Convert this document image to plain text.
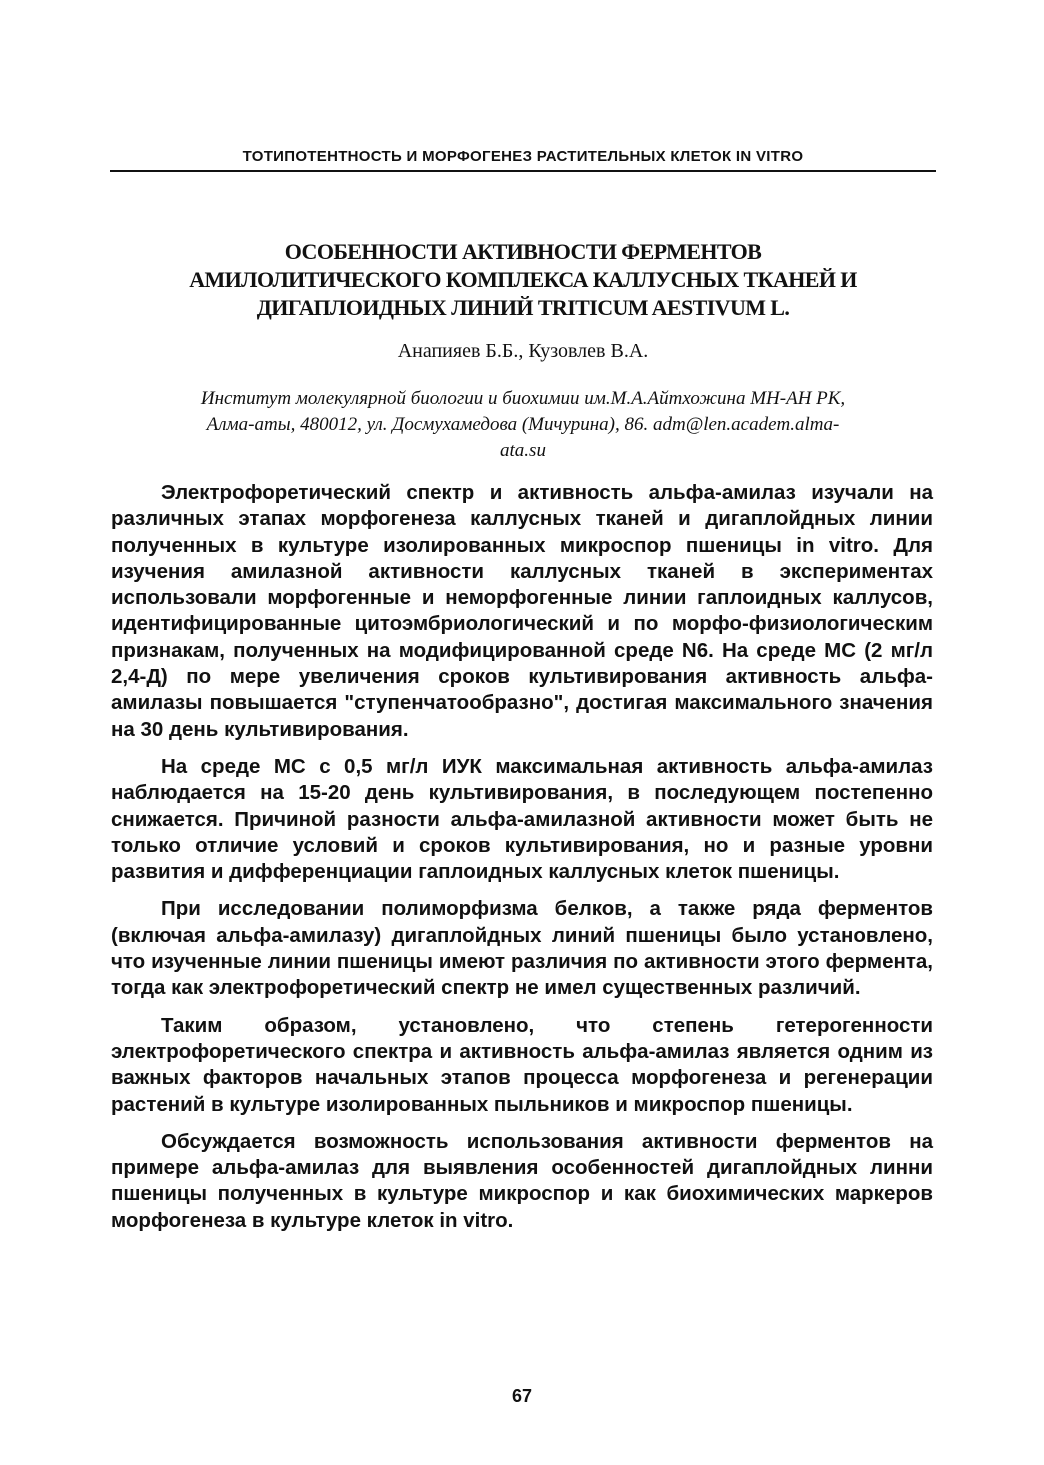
ТОТИПОТЕНТНОСТЬ И МОРФОГЕНЕЗ РАСТИТЕЛЬНЫХ КЛЕТОК IN VITRO
ОСОБЕННОСТИ АКТИВНОСТИ ФЕРМЕНТОВ
АМИЛОЛИТИЧЕСКОГО КОМПЛЕКСА КАЛЛУСНЫХ ТКАНЕЙ И
ДИГАПЛОИДНЫХ ЛИНИЙ TRITICUM AESTIVUM L.
Анапияев Б.Б., Кузовлев В.А.
Институт молекулярной биологии и биохимии им.М.А.Айтхожина МН-АН РК,
Алма-аты, 480012, ул. Досмухамедова (Мичурина), 86. adm@len.academ.alma-
ata.su

Электрофоретический спектр и активность альфа-амилаз изучали на различных этапах морфогенеза каллусных тканей и дигаплойдных линии полученных в культуре изолированных микроспор пшеницы in vitro. Для изучения амилазной активности каллусных тканей в экспериментах использовали морфогенные и неморфогенные линии гаплоидных каллусов, идентифицированные цитоэмбриологический и по морфо-физиологическим признакам, полученных на модифицированной среде N6. На среде МС (2 мг/л 2,4-Д) по мере увеличения сроков культивирования активность альфа-амилазы повышается "ступенчатообразно", достигая максимального значения на 30 день культивирования.

На среде МС с 0,5 мг/л ИУК максимальная активность альфа-амилаз наблюдается на 15-20 день культивирования, в последующем постепенно снижается. Причиной разности альфа-амилазной активности может быть не только отличие условий и сроков культивирования, но и разные уровни развития и дифференциации гаплоидных каллусных клеток пшеницы.

При исследовании полиморфизма белков, а также ряда ферментов (включая альфа-амилазу) дигаплойдных линий пшеницы было установлено, что изученные линии пшеницы имеют различия по активности этого фермента, тогда как электрофоретический спектр не имел существенных различий.

Таким образом, установлено, что степень гетерогенности электрофоретического спектра и активность альфа-амилаз является одним из важных факторов начальных этапов процесса морфогенеза и регенерации растений в культуре изолированных пыльников и микроспор пшеницы.

Обсуждается возможность использования активности ферментов на примере альфа-амилаз для выявления особенностей дигаплойдных линни пшеницы полученных в культуре микроспор и как биохимических маркеров морфогенеза в культуре клеток in vitro.

67
